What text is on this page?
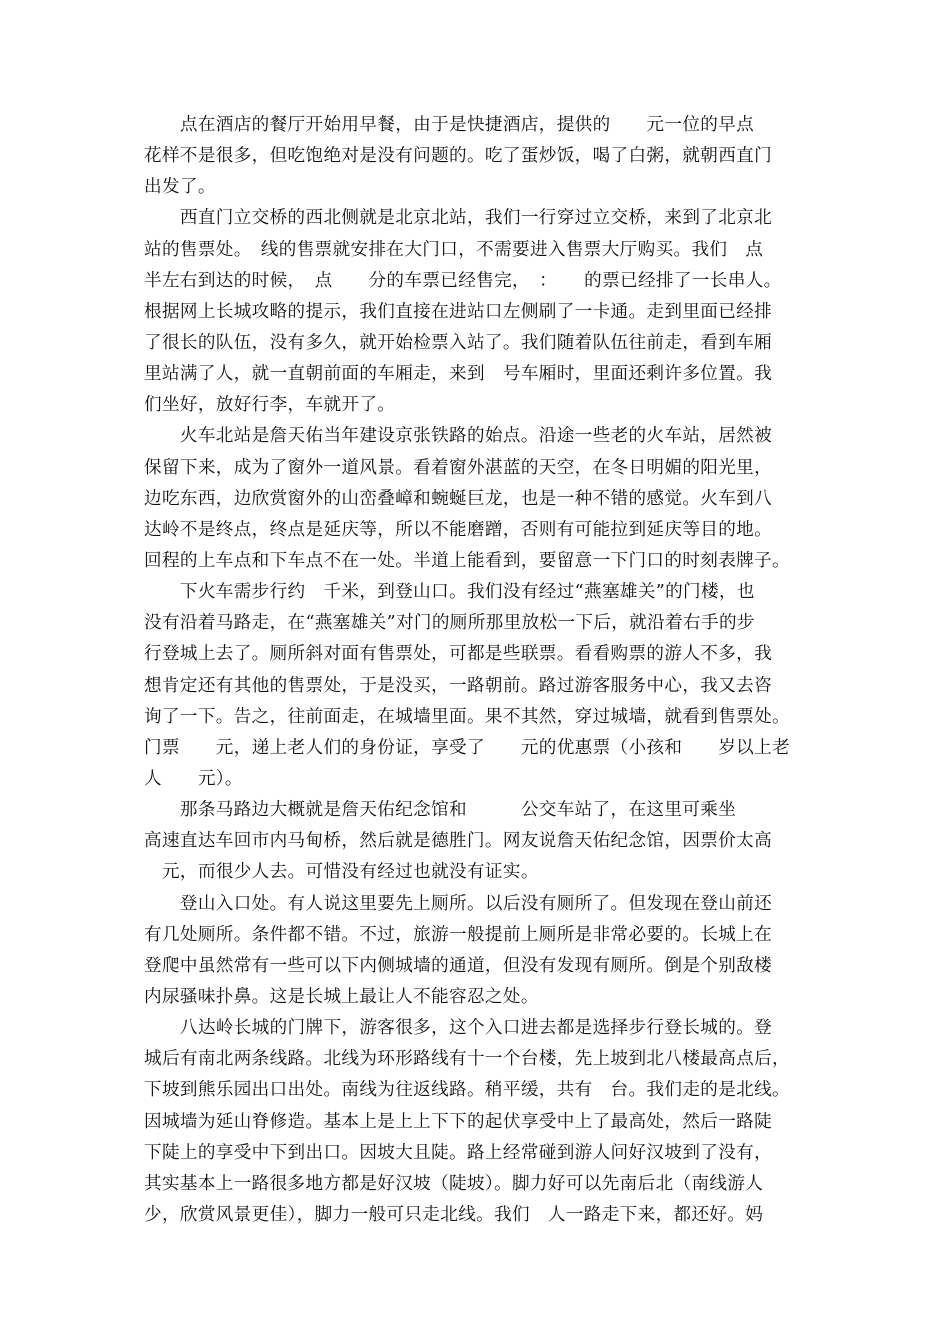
　　点在酒店的餐厅开始用早餐，由于是快捷酒店，提供的　　元一位的早点
花样不是很多，但吃饱绝对是没有问题的。吃了蛋炒饭，喝了白粥，就朝西直门
出发了。
　　西直门立交桥的西北侧就是北京北站，我们一行穿过立交桥，来到了北京北
站的售票处。　线的售票就安排在大门口，不需要进入售票大厅购买。我们　点
半左右到达的时候，　点　　分的车票已经售完，　：　　的票已经排了一长串人。
根据网上长城攻略的提示，我们直接在进站口左侧刷了一卡通。走到里面已经排
了很长的队伍，没有多久，就开始检票入站了。我们随着队伍往前走，看到车厢
里站满了人，就一直朝前面的车厢走，来到　号车厢时，里面还剩许多位置。我
们坐好，放好行李，车就开了。
　　火车北站是詹天佑当年建设京张铁路的始点。沿途一些老的火车站，居然被
保留下来，成为了窗外一道风景。看着窗外湛蓝的天空，在冬日明媚的阳光里，
边吃东西，边欣赏窗外的山峦叠嶂和蜿蜒巨龙，也是一种不错的感觉。火车到八
达岭不是终点，终点是延庆等，所以不能磨蹭，否则有可能拉到延庆等目的地。
回程的上车点和下车点不在一处。半道上能看到，要留意一下门口的时刻表牌子。
　　下火车需步行约　千米，到登山口。我们没有经过“燕塞雄关”的门楼，也
没有沿着马路走，在“燕塞雄关”对门的厕所那里放松一下后，就沿着右手的步
行登城上去了。厕所斜对面有售票处，可都是些联票。看看购票的游人不多，我
想肯定还有其他的售票处，于是没买，一路朝前。路过游客服务中心，我又去咨
询了一下。告之，往前面走，在城墙里面。果不其然，穿过城墙，就看到售票处。
门票　　元，递上老人们的身份证，享受了　　元的优惠票（小孩和　　岁以上老
人　　元）。
　　那条马路边大概就是詹天佑纪念馆和　　　公交车站了，在这里可乘坐
高速直达车回市内马甸桥，然后就是德胜门。网友说詹天佑纪念馆，因票价太高
　元，而很少人去。可惜没有经过也就没有证实。
　　登山入口处。有人说这里要先上厕所。以后没有厕所了。但发现在登山前还
有几处厕所。条件都不错。不过，旅游一般提前上厕所是非常必要的。长城上在
登爬中虽然常有一些可以下内侧城墙的通道，但没有发现有厕所。倒是个别敌楼
内尿骚味扑鼻。这是长城上最让人不能容忍之处。
　　八达岭长城的门牌下，游客很多，这个入口进去都是选择步行登长城的。登
城后有南北两条线路。北线为环形路线有十一个台楼，先上坡到北八楼最高点后，
下坡到熊乐园出口出处。南线为往返线路。稍平缓，共有　台。我们走的是北线。
因城墙为延山脊修造。基本上是上上下下的起伏享受中上了最高处，然后一路陡
下陡上的享受中下到出口。因坡大且陡。路上经常碰到游人问好汉坡到了没有，
其实基本上一路很多地方都是好汉坡（陡坡）。脚力好可以先南后北（南线游人
少，欣赏风景更佳），脚力一般可只走北线。我们　人一路走下来，都还好。妈
